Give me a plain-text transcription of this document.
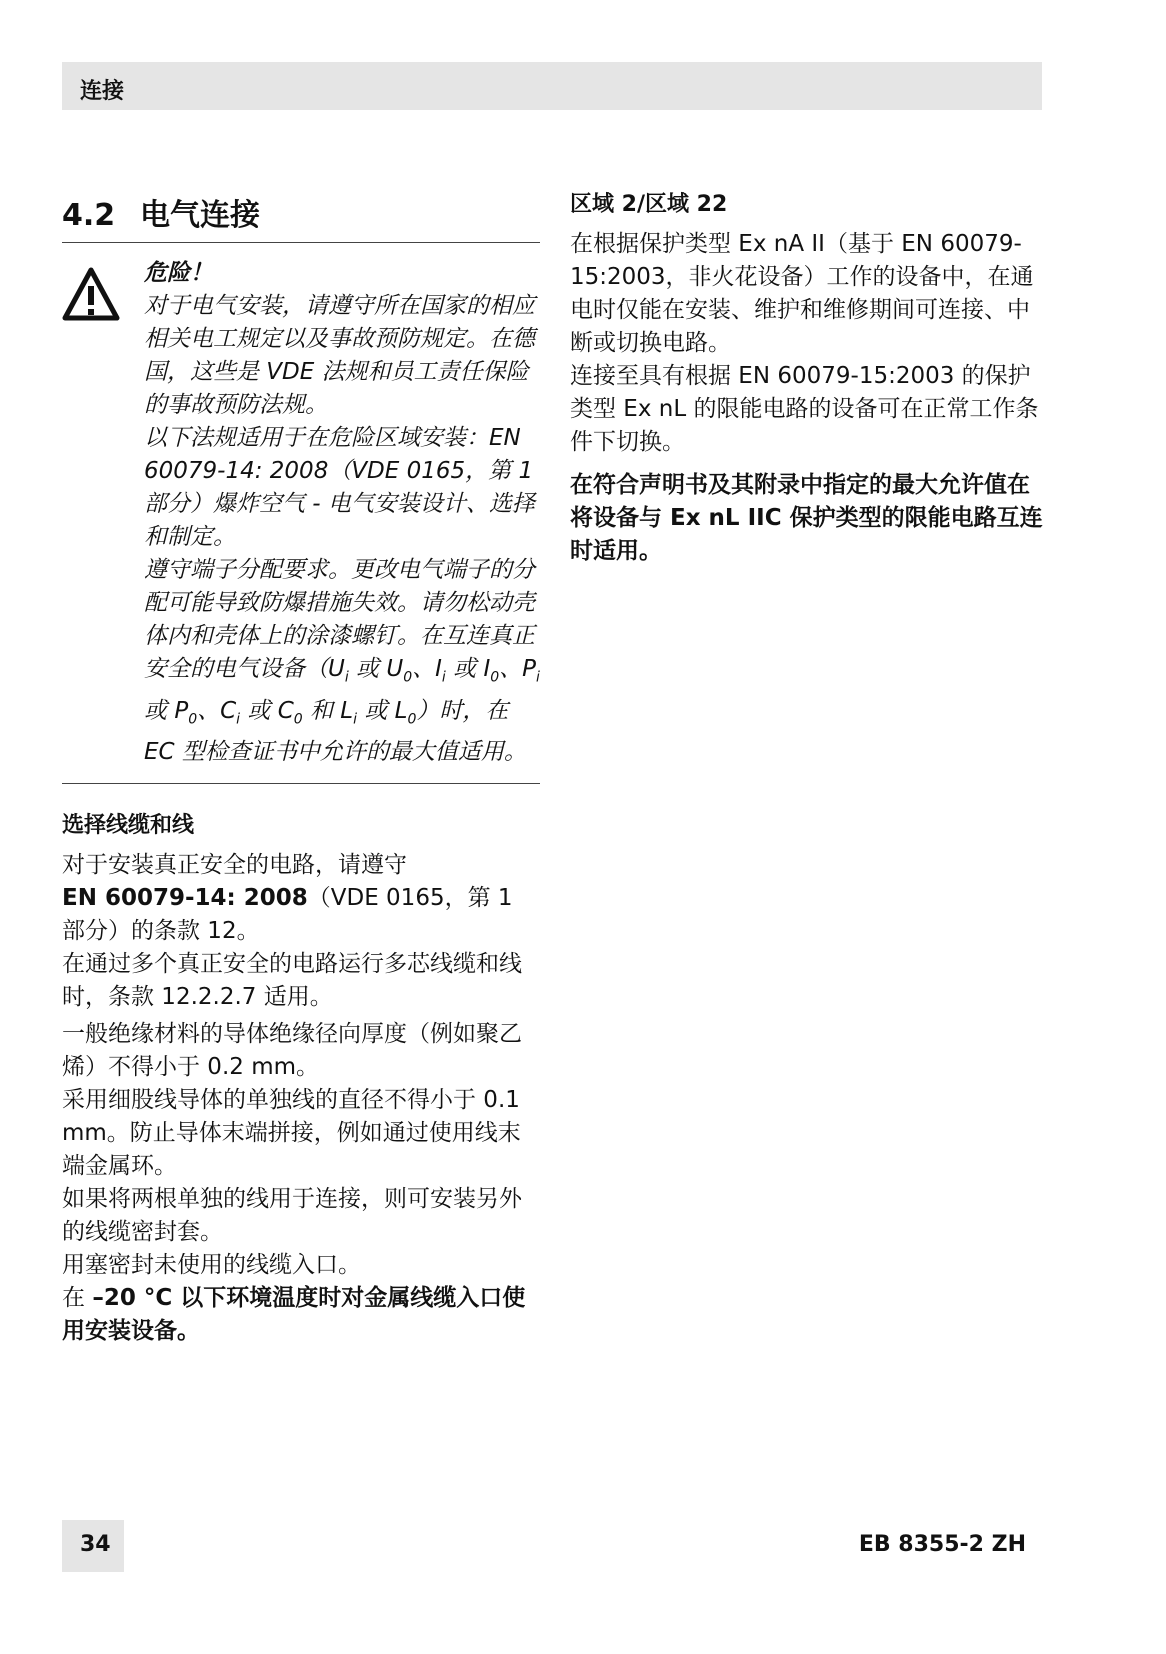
连接
4.2 电气连接
危险！
对于电气安装，请遵守所在国家的相应相关电工规定以及事故预防规定。在德国，这些是 VDE 法规和员工责任保险的事故预防法规。
以下法规适用于在危险区域安装：EN 60079-14: 2008（VDE 0165，第 1 部分）爆炸空气 - 电气安装设计、选择和制定。
遵守端子分配要求。更改电气端子的分配可能导致防爆措施失效。请勿松动壳体内和壳体上的涂漆螺钉。在互连真正安全的电气设备（$U_i$ 或 $U_0$、$I_i$ 或 $I_0$、$P_i$ 或 $P_0$、$C_i$ 或 $C_0$ 和 $L_i$ 或 $L_0$）时，在 EC 型检查证书中允许的最大值适用。
选择线缆和线

对于安装真正安全的电路，请遵守
EN 60079-14: 2008（VDE 0165，第 1 部分）的条款 12。

在通过多个真正安全的电路运行多芯线缆和线时，条款 12.2.2.7 适用。

一般绝缘材料的导体绝缘径向厚度（例如聚乙烯）不得小于 0.2 mm。

采用细股线导体的单独线的直径不得小于 0.1 mm。防止导体末端拼接，例如通过使用线末端金属环。

如果将两根单独的线用于连接，则可安装另外的线缆密封套。

用塞密封未使用的线缆入口。

在 –20 °C 以下环境温度时对金属线缆入口使用安装设备。

区域 2/区域 22

在根据保护类型 Ex nA II（基于 EN 60079-15:2003，非火花设备）工作的设备中，在通电时仅能在安装、维护和维修期间可连接、中断或切换电路。

连接至具有根据 EN 60079-15:2003 的保护类型 Ex nL 的限能电路的设备可在正常工作条件下切换。

在符合声明书及其附录中指定的最大允许值在将设备与 Ex nL IIC 保护类型的限能电路互连时适用。

34	EB 8355-2 ZH
